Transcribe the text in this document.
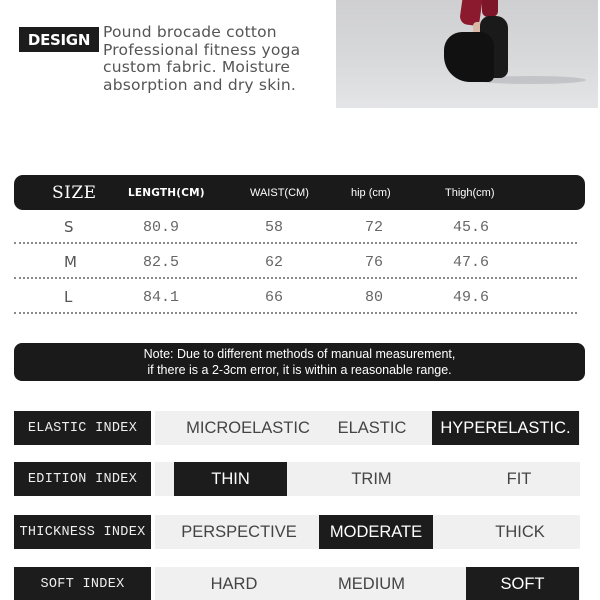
DESIGN Pound brocade cotton
Professional fitness yoga
custom fabric. Moisture
absorption and dry skin.
SIZE	LENGTH(CM)	WAIST(CM)	hip (cm)	Thigh(cm)
S	80.9	58	72	45.6
M	82.5	62	76	47.6
L	84.1	66	80	49.6
Note: Due to different methods of manual measurement,
if there is a 2-3cm error, it is within a reasonable range.
ELASTIC INDEX	MICROELASTIC	ELASTIC	HYPERELASTIC.
EDITION INDEX	THIN	TRIM	FIT
THICKNESS INDEX	PERSPECTIVE	MODERATE	THICK
SOFT INDEX	HARD	MEDIUM	SOFT
